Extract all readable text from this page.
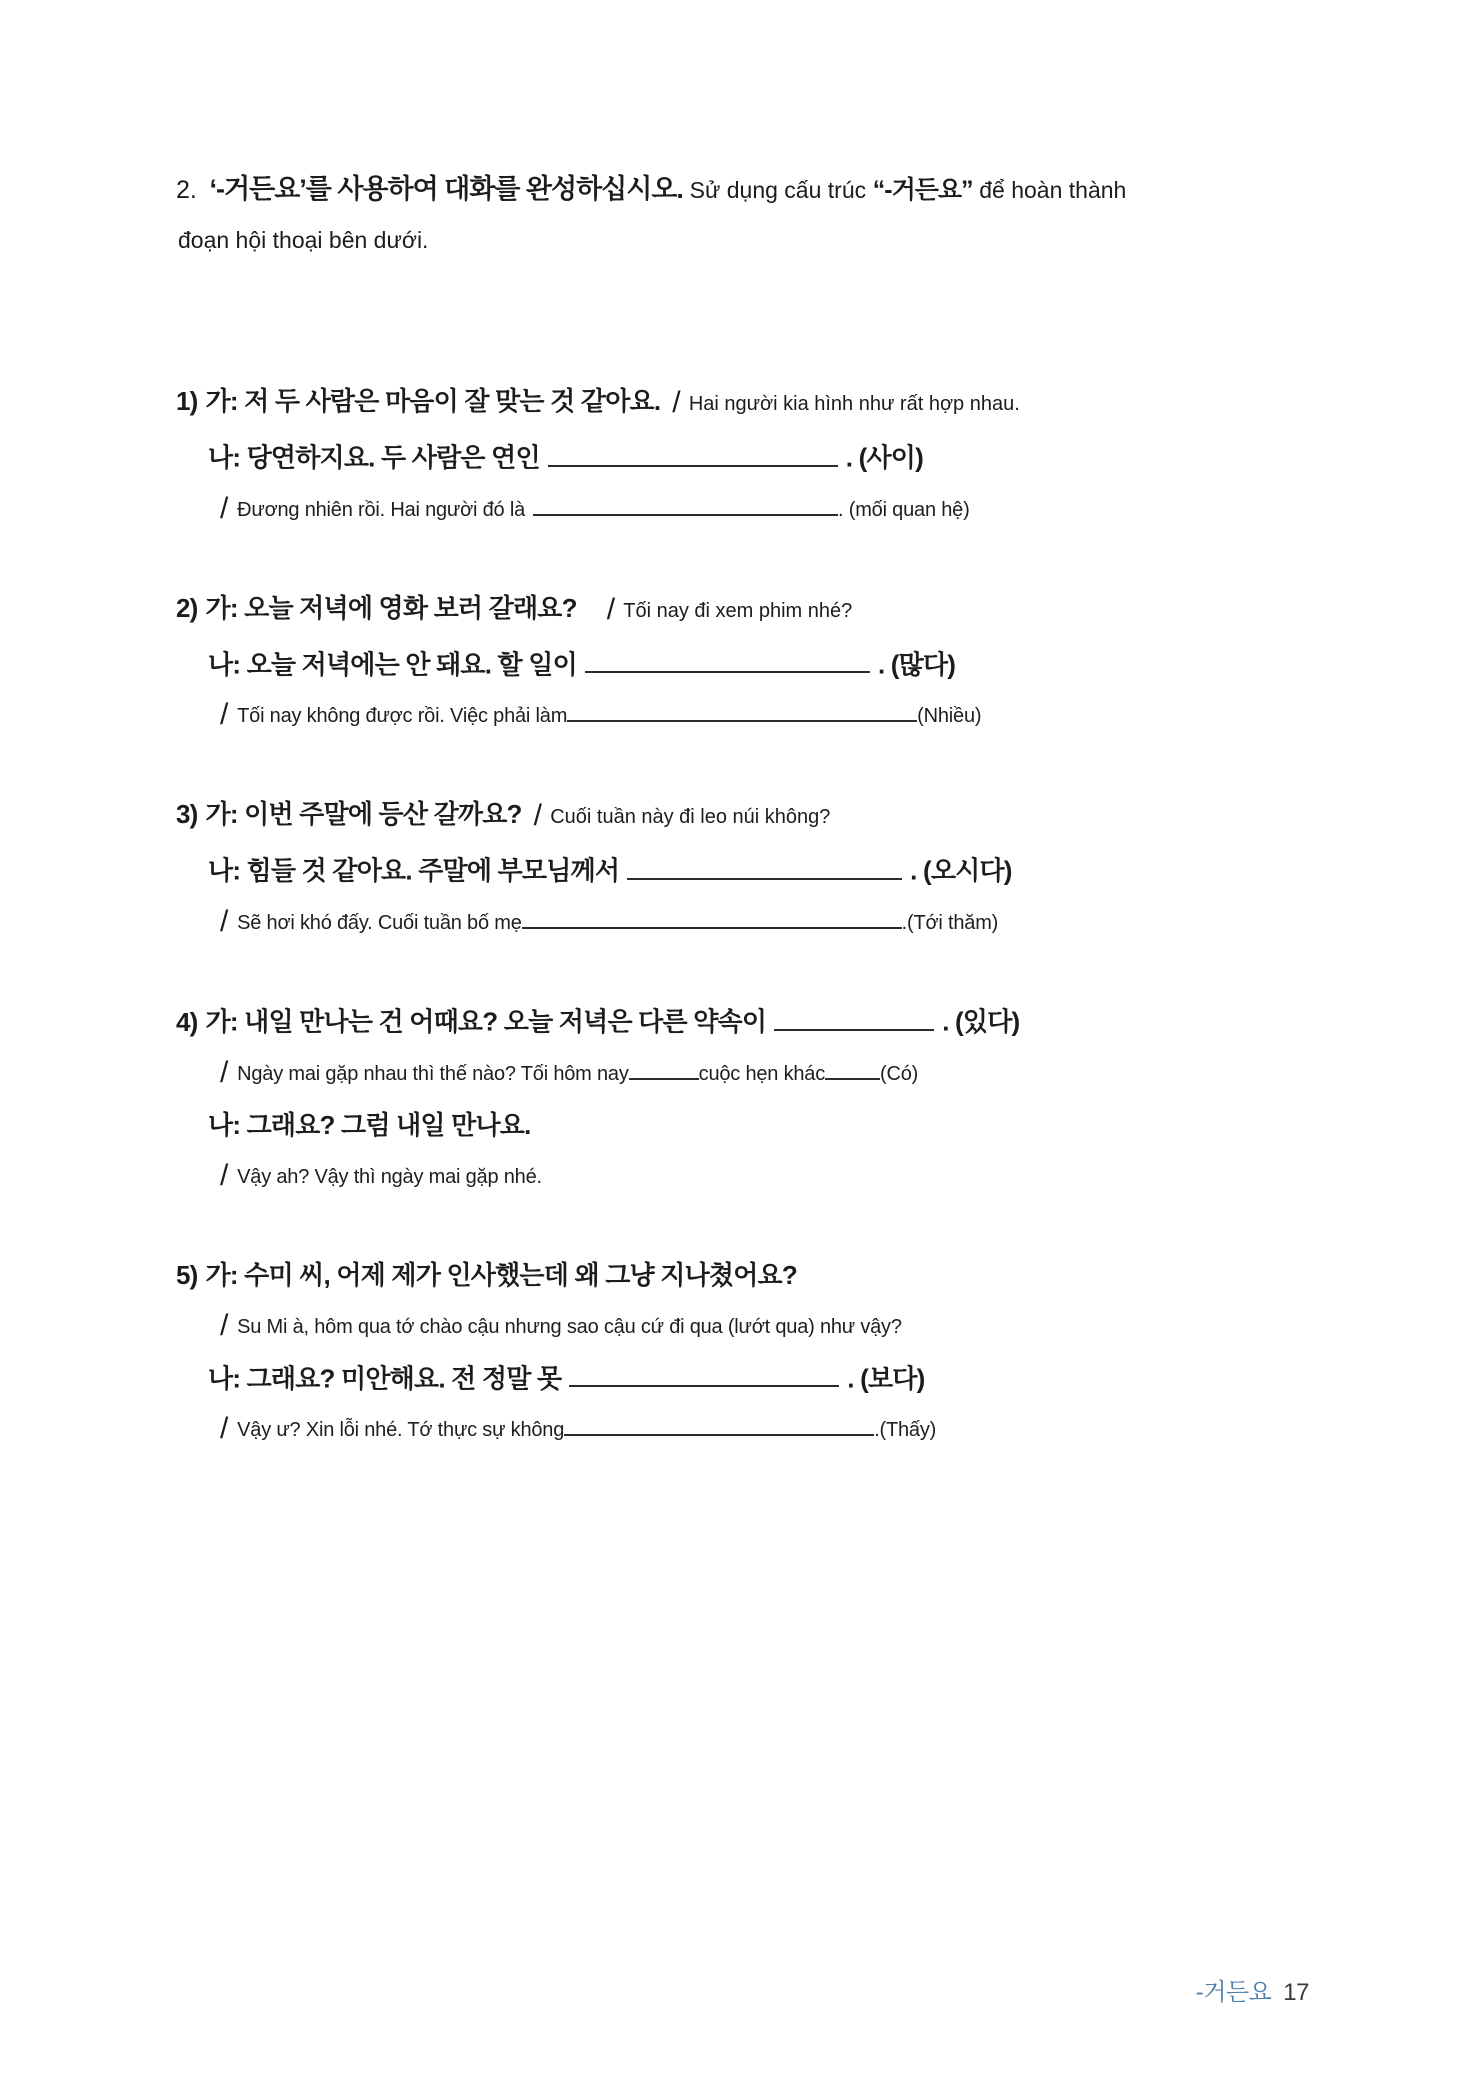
2. ‘-거든요’를 사용하여 대화를 완성하십시오. Sử dụng cấu trúc “-거든요” để hoàn thành
đoạn hội thoại bên dưới.
1) 가: 저 두 사람은 마음이 잘 맞는 것 같아요. / Hai người kia hình như rất hợp nhau.
나: 당연하지요. 두 사람은 연인	. (사이)
/ Đương nhiên rồi. Hai người đó là	. (mối quan hệ)
2) 가: 오늘 저녁에 영화 보러 갈래요? / Tối nay đi xem phim nhé?
나: 오늘 저녁에는 안 돼요. 할 일이	. (많다)
/ Tối nay không được rồi. Việc phải làm	(Nhiều)
3) 가: 이번 주말에 등산 갈까요? / Cuối tuần này đi leo núi không?
나: 힘들 것 같아요. 주말에 부모님께서	. (오시다)
/ Sẽ hơi khó đấy. Cuối tuần bố mẹ	.(Tới thăm)
4) 가: 내일 만나는 건 어때요? 오늘 저녁은 다른 약속이	. (있다)
/ Ngày mai gặp nhau thì thế nào? Tối hôm nay	cuộc hẹn khác	(Có)
나: 그래요? 그럼 내일 만나요.
/ Vậy ah? Vậy thì ngày mai gặp nhé.
5) 가: 수미 씨, 어제 제가 인사했는데 왜 그냥 지나쳤어요?
/ Su Mi à, hôm qua tớ chào cậu nhưng sao cậu cứ đi qua (lướt qua) như vậy?
나: 그래요? 미안해요. 전 정말 못	. (보다)
/ Vậy ư? Xin lỗi nhé. Tớ thực sự không	.(Thấy)
-거든요 17
